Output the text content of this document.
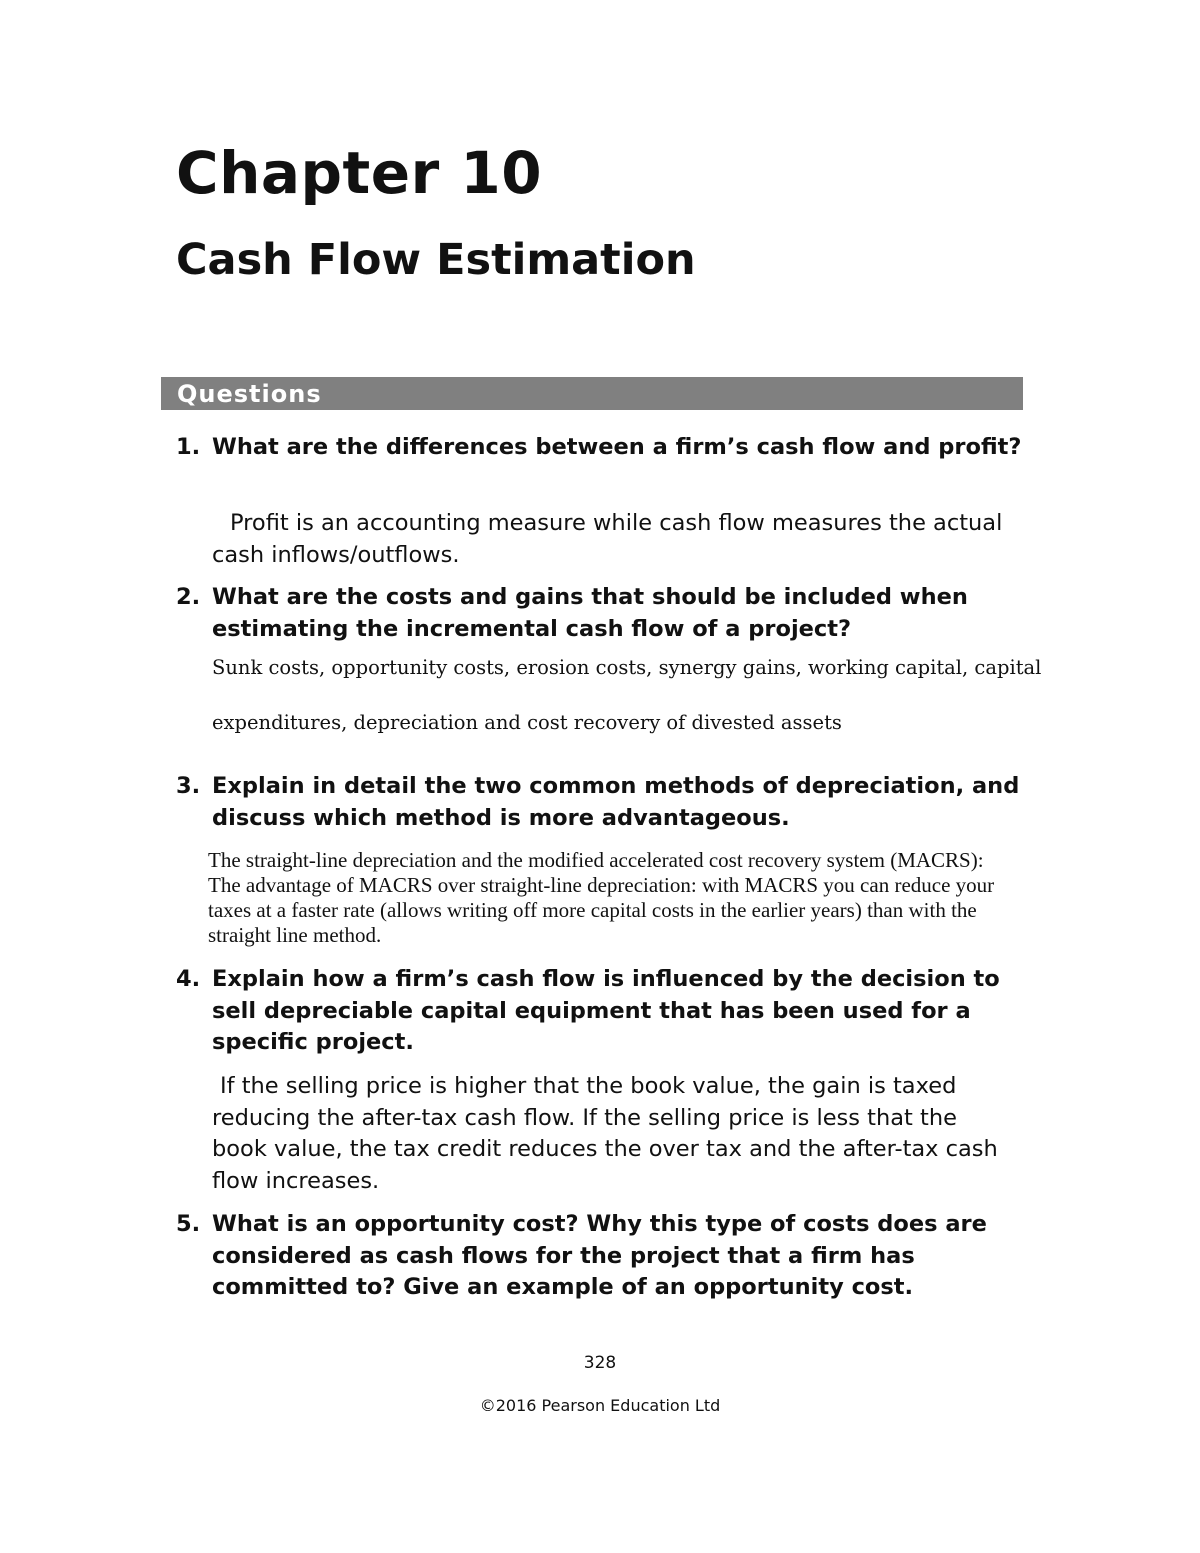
Chapter 10
Cash Flow Estimation
Questions
1. What are the differences between a firm’s cash flow and profit?
Profit is an accounting measure while cash flow measures the actual cash inflows/outflows.
2. What are the costs and gains that should be included when estimating the incremental cash flow of a project?
Sunk costs, opportunity costs, erosion costs, synergy gains, working capital, capital
expenditures, depreciation and cost recovery of divested assets
3. Explain in detail the two common methods of depreciation, and discuss which method is more advantageous.
The straight-line depreciation and the modified accelerated cost recovery system (MACRS): The advantage of MACRS over straight-line depreciation: with MACRS you can reduce your taxes at a faster rate (allows writing off more capital costs in the earlier years) than with the straight line method.
4. Explain how a firm’s cash flow is influenced by the decision to sell depreciable capital equipment that has been used for a specific project.
If the selling price is higher that the book value, the gain is taxed reducing the after-tax cash flow. If the selling price is less that the book value, the tax credit reduces the over tax and the after-tax cash flow increases.
5. What is an opportunity cost? Why this type of costs does are considered as cash flows for the project that a firm has committed to? Give an example of an opportunity cost.
328
©2016 Pearson Education Ltd
